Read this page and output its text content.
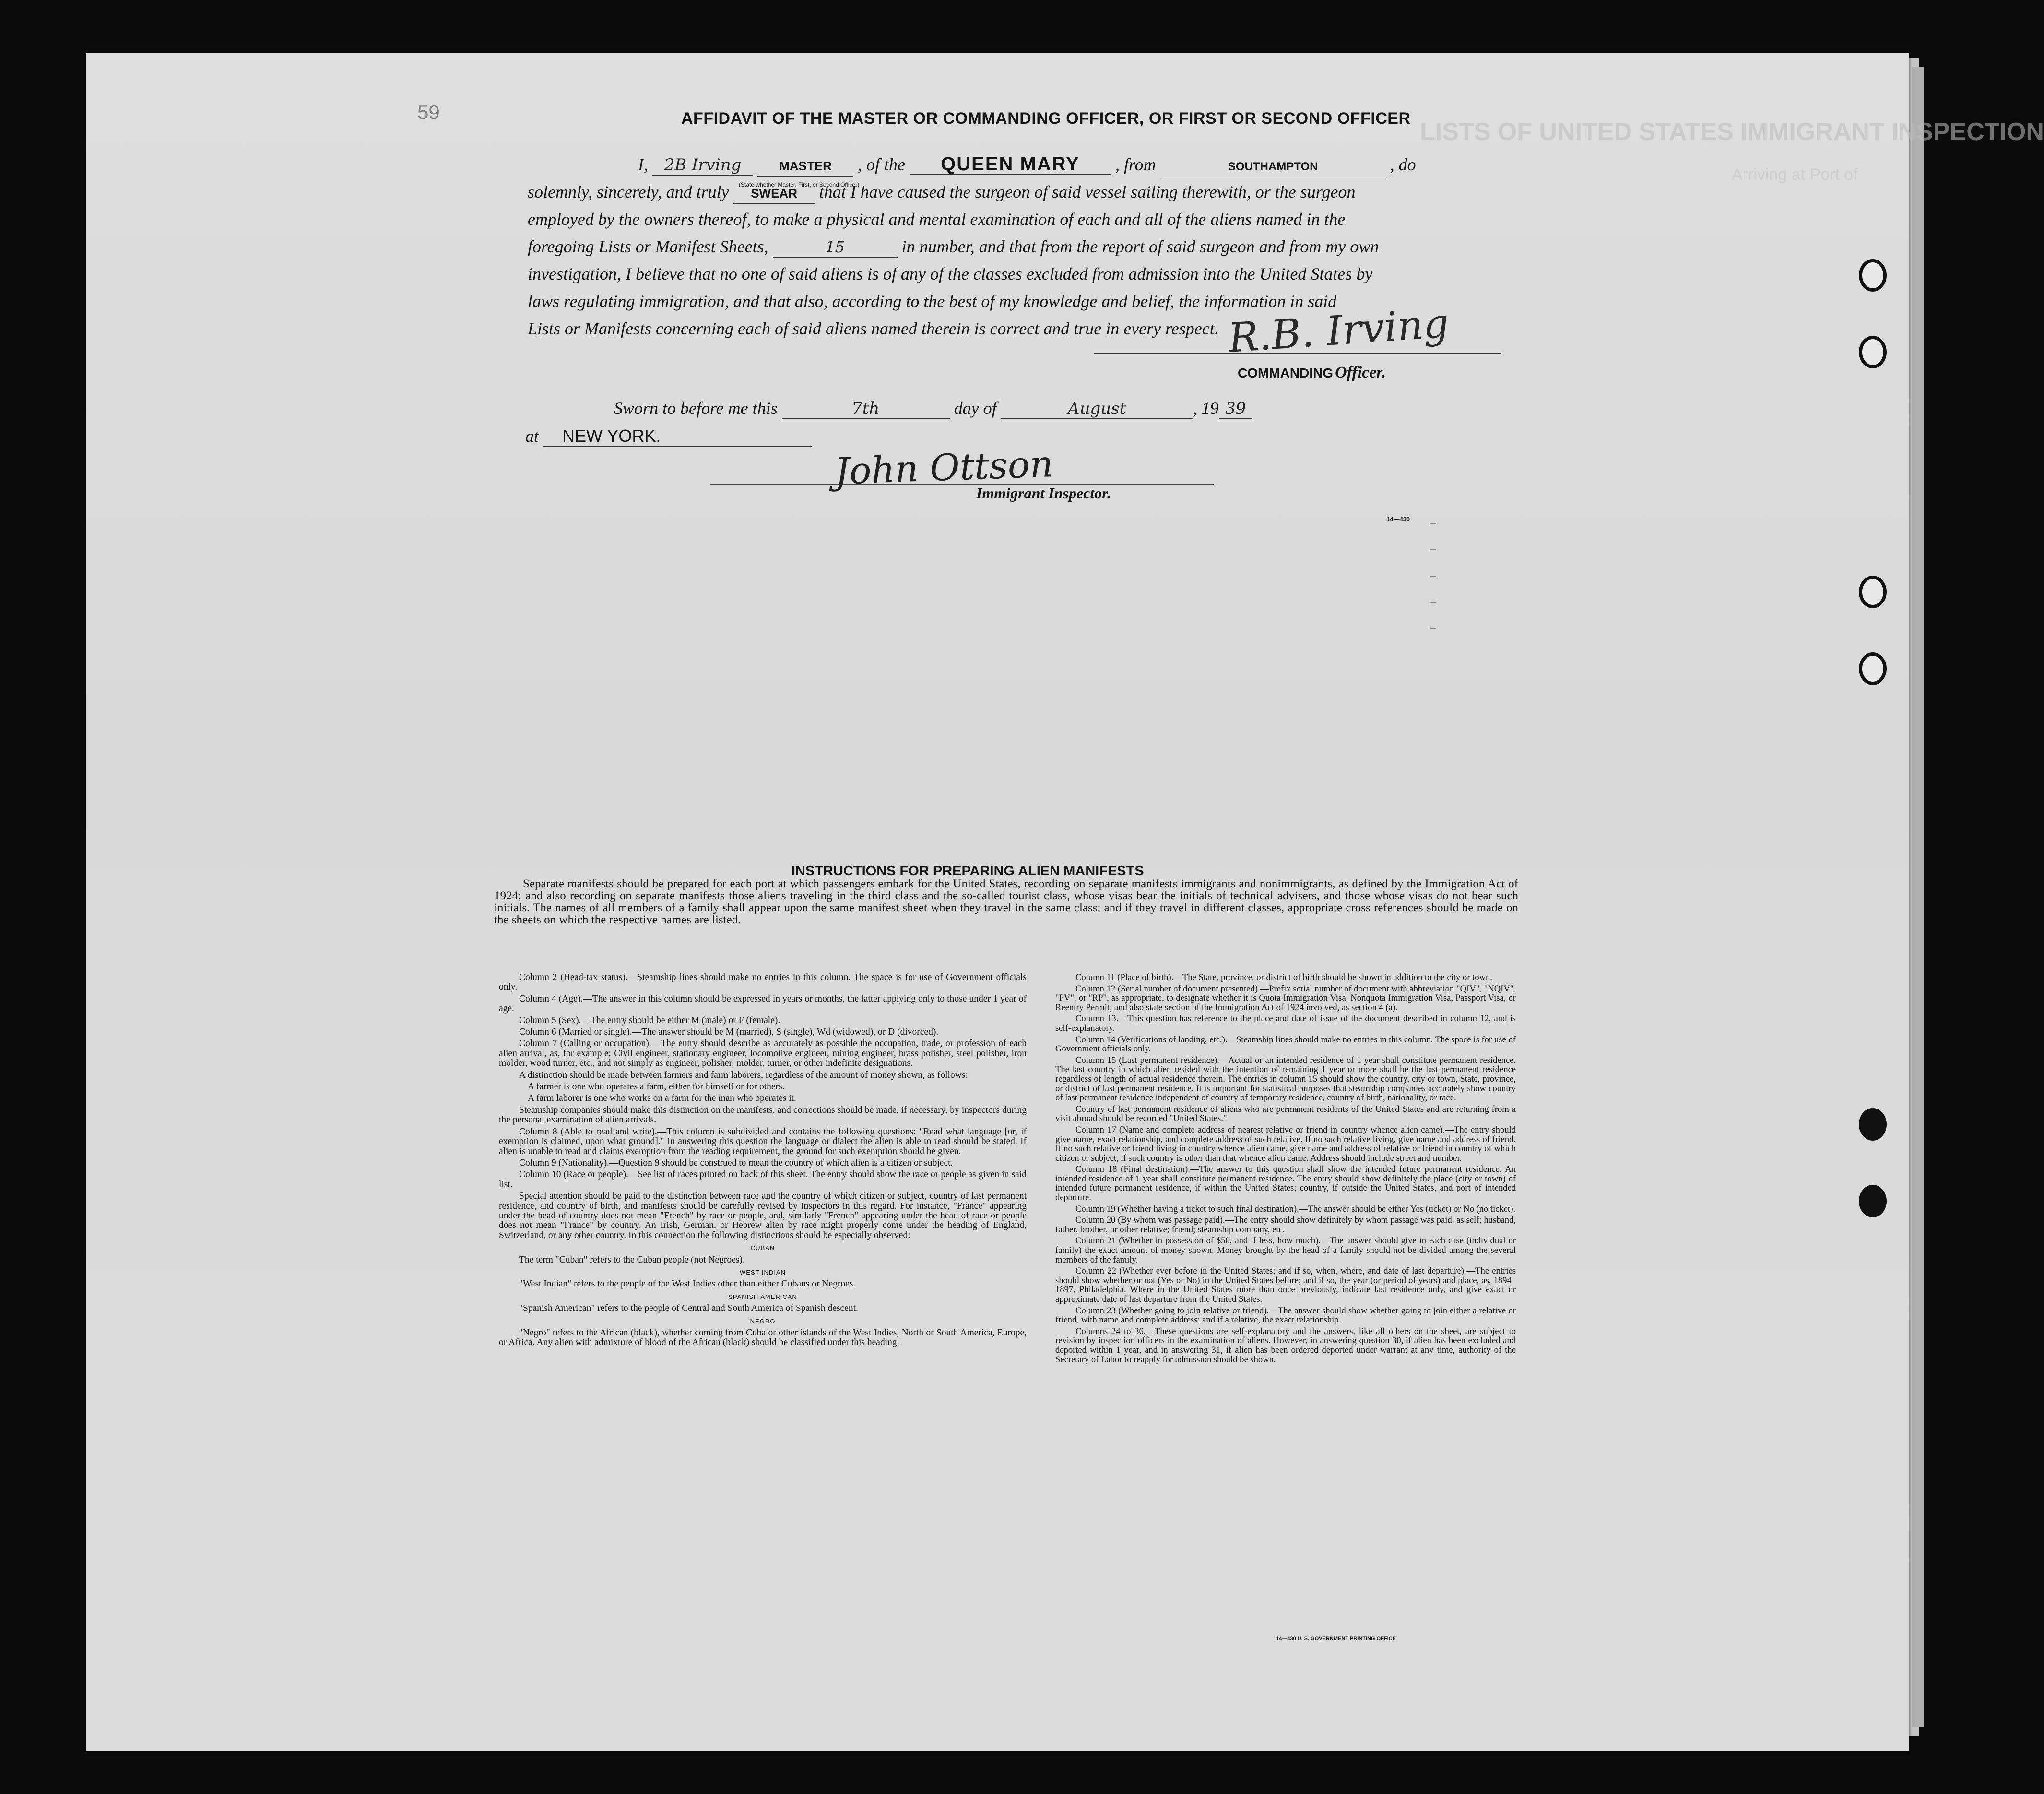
LISTS OF UNITED STATES IMMIGRANT INSPECTION
Arriving at Port of
59	AFFIDAVIT OF THE MASTER OR COMMANDING OFFICER, OR FIRST OR SECOND OFFICER
I, 2B Irving	MASTER , of the QUEEN MARY , from	SOUTHAMPTON	, do
(State whether Master, First, or Second Officer)
solemnly, sincerely, and truly SWEAR that I have caused the surgeon of said vessel sailing therewith, or the surgeon
employed by the owners thereof, to make a physical and mental examination of each and all of the aliens named in the
foregoing Lists or Manifest Sheets,	15	in number, and that from the report of said surgeon and from my own
investigation, I believe that no one of said aliens is of any of the classes excluded from admission into the United States by
laws regulating immigration, and that also, according to the best of my knowledge and belief, the information in said
Lists or Manifests concerning each of said aliens named therein is correct and true in every respect. R.B. Irving
COMMANDING Officer.
Sworn to before me this	7th	day of	August	, 19 39
at NEW YORK.
John Ottson
Immigrant Inspector.
14—430
INSTRUCTIONS FOR PREPARING ALIEN MANIFESTS

Separate manifests should be prepared for each port at which passengers embark for the United States, recording on separate manifests immigrants and nonimmigrants, as defined by the Immigration Act of 1924; and also recording on separate manifests those aliens traveling in the third class and the so-called tourist class, whose visas bear the initials of technical advisers, and those whose visas do not bear such initials. The names of all members of a family shall appear upon the same manifest sheet when they travel in the same class; and if they travel in different classes, appropriate cross references should be made on the sheets on which the respective names are listed.

Column 2 (Head-tax status).—Steamship lines should make no entries in this column. The space is for use of Government officials only.

Column 4 (Age).—The answer in this column should be expressed in years or months, the latter applying only to those under 1 year of age.

Column 5 (Sex).—The entry should be either M (male) or F (female).

Column 6 (Married or single).—The answer should be M (married), S (single), Wd (widowed), or D (divorced).

Column 7 (Calling or occupation).—The entry should describe as accurately as possible the occupation, trade, or profession of each alien arrival, as, for example: Civil engineer, stationary engineer, locomotive engineer, mining engineer, brass polisher, steel polisher, iron molder, wood turner, etc., and not simply as engineer, polisher, molder, turner, or other indefinite designations.

A distinction should be made between farmers and farm laborers, regardless of the amount of money shown, as follows:

A farmer is one who operates a farm, either for himself or for others.

A farm laborer is one who works on a farm for the man who operates it.

Steamship companies should make this distinction on the manifests, and corrections should be made, if necessary, by inspectors during the personal examination of alien arrivals.

Column 8 (Able to read and write).—This column is subdivided and contains the following questions: "Read what language [or, if exemption is claimed, upon what ground]." In answering this question the language or dialect the alien is able to read should be stated. If alien is unable to read and claims exemption from the reading requirement, the ground for such exemption should be given.

Column 9 (Nationality).—Question 9 should be construed to mean the country of which alien is a citizen or subject.

Column 10 (Race or people).—See list of races printed on back of this sheet. The entry should show the race or people as given in said list.

Special attention should be paid to the distinction between race and the country of which citizen or subject, country of last permanent residence, and country of birth, and manifests should be carefully revised by inspectors in this regard. For instance, "France" appearing under the head of country does not mean "French" by race or people, and, similarly "French" appearing under the head of race or people does not mean "France" by country. An Irish, German, or Hebrew alien by race might properly come under the heading of England, Switzerland, or any other country. In this connection the following distinctions should be especially observed:

CUBAN

The term "Cuban" refers to the Cuban people (not Negroes).

WEST INDIAN

"West Indian" refers to the people of the West Indies other than either Cubans or Negroes.

SPANISH AMERICAN

"Spanish American" refers to the people of Central and South America of Spanish descent.

NEGRO

"Negro" refers to the African (black), whether coming from Cuba or other islands of the West Indies, North or South America, Europe, or Africa. Any alien with admixture of blood of the African (black) should be classified under this heading.

Column 11 (Place of birth).—The State, province, or district of birth should be shown in addition to the city or town.

Column 12 (Serial number of document presented).—Prefix serial number of document with abbreviation "QIV", "NQIV", "PV", or "RP", as appropriate, to designate whether it is Quota Immigration Visa, Nonquota Immigration Visa, Passport Visa, or Reentry Permit; and also state section of the Immigration Act of 1924 involved, as section 4 (a).

Column 13.—This question has reference to the place and date of issue of the document described in column 12, and is self-explanatory.

Column 14 (Verifications of landing, etc.).—Steamship lines should make no entries in this column. The space is for use of Government officials only.

Column 15 (Last permanent residence).—Actual or an intended residence of 1 year shall constitute permanent residence. The last country in which alien resided with the intention of remaining 1 year or more shall be the last permanent residence regardless of length of actual residence therein. The entries in column 15 should show the country, city or town, State, province, or district of last permanent residence. It is important for statistical purposes that steamship companies accurately show country of last permanent residence independent of country of temporary residence, country of birth, nationality, or race.

Country of last permanent residence of aliens who are permanent residents of the United States and are returning from a visit abroad should be recorded "United States."

Column 17 (Name and complete address of nearest relative or friend in country whence alien came).—The entry should give name, exact relationship, and complete address of such relative. If no such relative living, give name and address of friend. If no such relative or friend living in country whence alien came, give name and address of relative or friend in country of which citizen or subject, if such country is other than that whence alien came. Address should include street and number.

Column 18 (Final destination).—The answer to this question shall show the intended future permanent residence. An intended residence of 1 year shall constitute permanent residence. The entry should show definitely the place (city or town) of intended future permanent residence, if within the United States; country, if outside the United States, and port of intended departure.

Column 19 (Whether having a ticket to such final destination).—The answer should be either Yes (ticket) or No (no ticket).

Column 20 (By whom was passage paid).—The entry should show definitely by whom passage was paid, as self; husband, father, brother, or other relative; friend; steamship company, etc.

Column 21 (Whether in possession of $50, and if less, how much).—The answer should give in each case (individual or family) the exact amount of money shown. Money brought by the head of a family should not be divided among the several members of the family.

Column 22 (Whether ever before in the United States; and if so, when, where, and date of last departure).—The entries should show whether or not (Yes or No) in the United States before; and if so, the year (or period of years) and place, as, 1894–1897, Philadelphia. Where in the United States more than once previously, indicate last residence only, and give exact or approximate date of last departure from the United States.

Column 23 (Whether going to join relative or friend).—The answer should show whether going to join either a relative or friend, with name and complete address; and if a relative, the exact relationship.

Columns 24 to 36.—These questions are self-explanatory and the answers, like all others on the sheet, are subject to revision by inspection officers in the examination of aliens. However, in answering question 30, if alien has been excluded and deported within 1 year, and in answering 31, if alien has been ordered deported under warrant at any time, authority of the Secretary of Labor to reapply for admission should be shown.

14—430 U. S. GOVERNMENT PRINTING OFFICE
